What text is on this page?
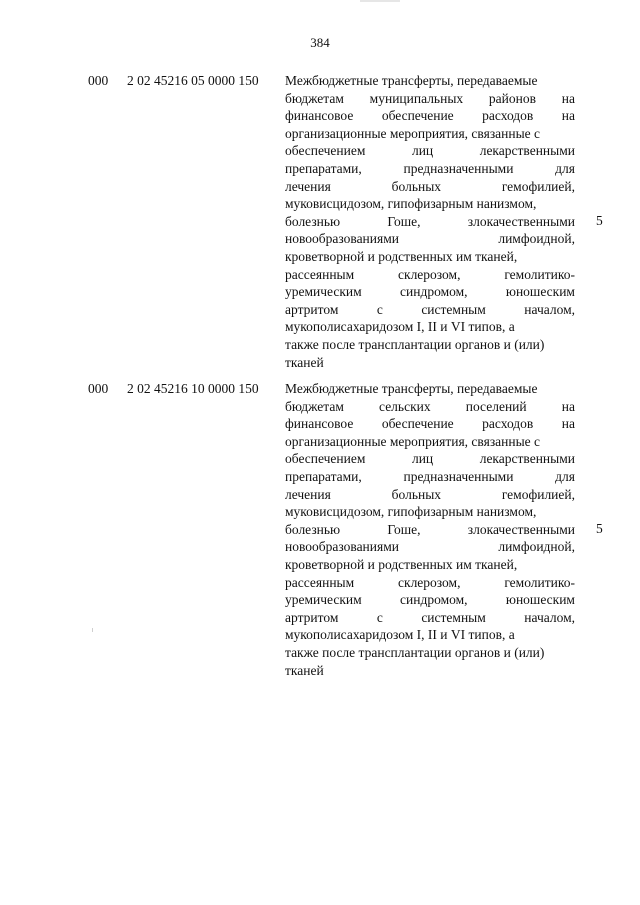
384
000 2 02 45216 05 0000 150 Межбюджетные трансферты, передаваемые
бюджетам муниципальных районов на
финансовое обеспечение расходов на
организационные мероприятия, связанные с
обеспечением	лиц	лекарственными
препаратами,	предназначенными	для
лечения	больных	гемофилией,
муковисцидозом, гипофизарным нанизмом,
болезнью	Гоше,	злокачественными
новообразованиями	лимфоидной,
кроветворной и родственных им тканей,
рассеянным	склерозом,	гемолитико-
уремическим	синдромом,	юношеским
артритом	с	системным	началом,
мукополисахаридозом I, II и VI типов, а
также после трансплантации органов и (или)
тканей
5
000 2 02 45216 10 0000 150 Межбюджетные трансферты, передаваемые
бюджетам	сельских	поселений	на
финансовое обеспечение расходов на
организационные мероприятия, связанные с
обеспечением	лиц	лекарственными
препаратами,	предназначенными	для
лечения	больных	гемофилией,
муковисцидозом, гипофизарным нанизмом,
болезнью	Гоше,	злокачественными
новообразованиями	лимфоидной,
кроветворной и родственных им тканей,
рассеянным	склерозом,	гемолитико-
уремическим	синдромом,	юношеским
артритом	с	системным	началом,
мукополисахаридозом I, II и VI типов, а
также после трансплантации органов и (или)
тканей
5
